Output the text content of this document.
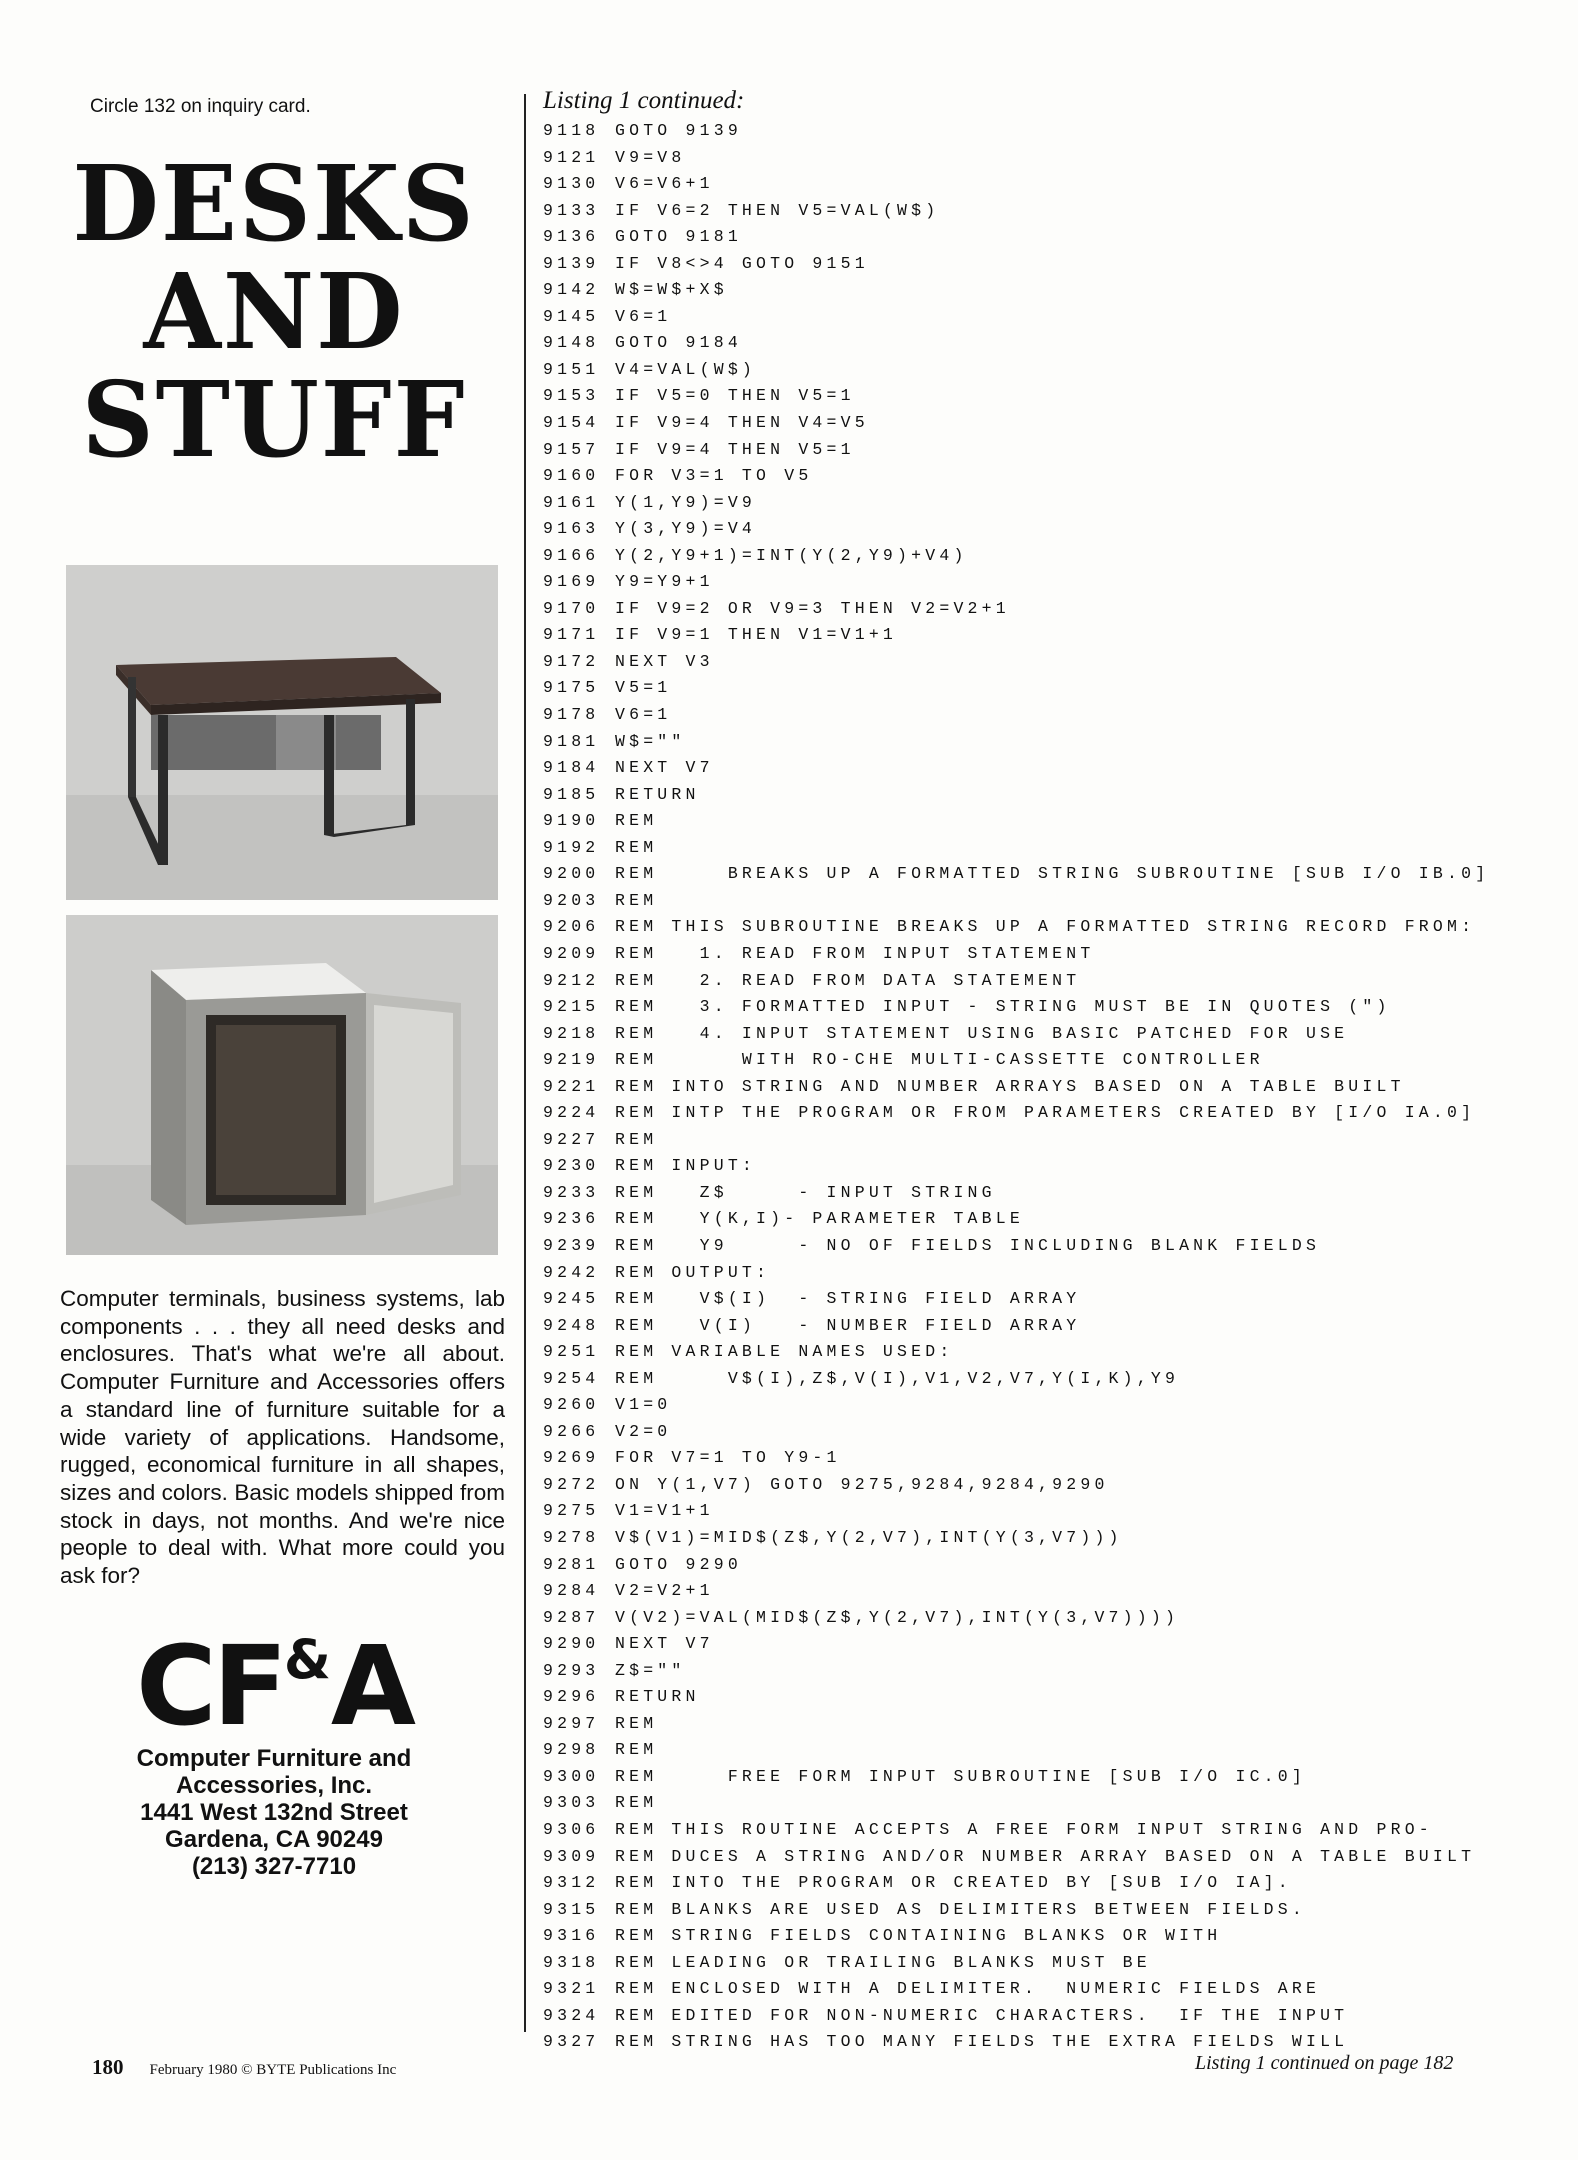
Circle 132 on inquiry card.
DESKS
AND
STUFF
Computer terminals, business systems, lab components . . . they all need desks and enclosures. That's what we're all about. Computer Furniture and Accessories offers a standard line of furniture suitable for a wide variety of applications. Handsome, rugged, economical furniture in all shapes, sizes and colors. Basic models shipped from stock in days, not months. And we're nice people to deal with. What more could you ask for?
CF&A
Computer Furniture and
Accessories, Inc.
1441 West 132nd Street
Gardena, CA 90249
(213) 327-7710
180 February 1980 © BYTE Publications Inc
Listing 1 continued:
9118 GOTO 9139
9121 V9=V8
9130 V6=V6+1
9133 IF V6=2 THEN V5=VAL(W$)
9136 GOTO 9181
9139 IF V8<>4 GOTO 9151
9142 W$=W$+X$
9145 V6=1
9148 GOTO 9184
9151 V4=VAL(W$)
9153 IF V5=0 THEN V5=1
9154 IF V9=4 THEN V4=V5
9157 IF V9=4 THEN V5=1
9160 FOR V3=1 TO V5
9161 Y(1,Y9)=V9
9163 Y(3,Y9)=V4
9166 Y(2,Y9+1)=INT(Y(2,Y9)+V4)
9169 Y9=Y9+1
9170 IF V9=2 OR V9=3 THEN V2=V2+1
9171 IF V9=1 THEN V1=V1+1
9172 NEXT V3
9175 V5=1
9178 V6=1
9181 W$=""
9184 NEXT V7
9185 RETURN
9190 REM
9192 REM
9200 REM     BREAKS UP A FORMATTED STRING SUBROUTINE [SUB I/O IB.0]
9203 REM
9206 REM THIS SUBROUTINE BREAKS UP A FORMATTED STRING RECORD FROM:
9209 REM   1. READ FROM INPUT STATEMENT
9212 REM   2. READ FROM DATA STATEMENT
9215 REM   3. FORMATTED INPUT - STRING MUST BE IN QUOTES (")
9218 REM   4. INPUT STATEMENT USING BASIC PATCHED FOR USE
9219 REM      WITH RO-CHE MULTI-CASSETTE CONTROLLER
9221 REM INTO STRING AND NUMBER ARRAYS BASED ON A TABLE BUILT
9224 REM INTP THE PROGRAM OR FROM PARAMETERS CREATED BY [I/O IA.0]
9227 REM
9230 REM INPUT:
9233 REM   Z$     - INPUT STRING
9236 REM   Y(K,I)- PARAMETER TABLE
9239 REM   Y9     - NO OF FIELDS INCLUDING BLANK FIELDS
9242 REM OUTPUT:
9245 REM   V$(I)  - STRING FIELD ARRAY
9248 REM   V(I)   - NUMBER FIELD ARRAY
9251 REM VARIABLE NAMES USED:
9254 REM     V$(I),Z$,V(I),V1,V2,V7,Y(I,K),Y9
9260 V1=0
9266 V2=0
9269 FOR V7=1 TO Y9-1
9272 ON Y(1,V7) GOTO 9275,9284,9284,9290
9275 V1=V1+1
9278 V$(V1)=MID$(Z$,Y(2,V7),INT(Y(3,V7)))
9281 GOTO 9290
9284 V2=V2+1
9287 V(V2)=VAL(MID$(Z$,Y(2,V7),INT(Y(3,V7))))
9290 NEXT V7
9293 Z$=""
9296 RETURN
9297 REM
9298 REM
9300 REM     FREE FORM INPUT SUBROUTINE [SUB I/O IC.0]
9303 REM
9306 REM THIS ROUTINE ACCEPTS A FREE FORM INPUT STRING AND PRO-
9309 REM DUCES A STRING AND/OR NUMBER ARRAY BASED ON A TABLE BUILT
9312 REM INTO THE PROGRAM OR CREATED BY [SUB I/O IA].
9315 REM BLANKS ARE USED AS DELIMITERS BETWEEN FIELDS.
9316 REM STRING FIELDS CONTAINING BLANKS OR WITH
9318 REM LEADING OR TRAILING BLANKS MUST BE
9321 REM ENCLOSED WITH A DELIMITER.  NUMERIC FIELDS ARE
9324 REM EDITED FOR NON-NUMERIC CHARACTERS.  IF THE INPUT
9327 REM STRING HAS TOO MANY FIELDS THE EXTRA FIELDS WILL
Listing 1 continued on page 182
